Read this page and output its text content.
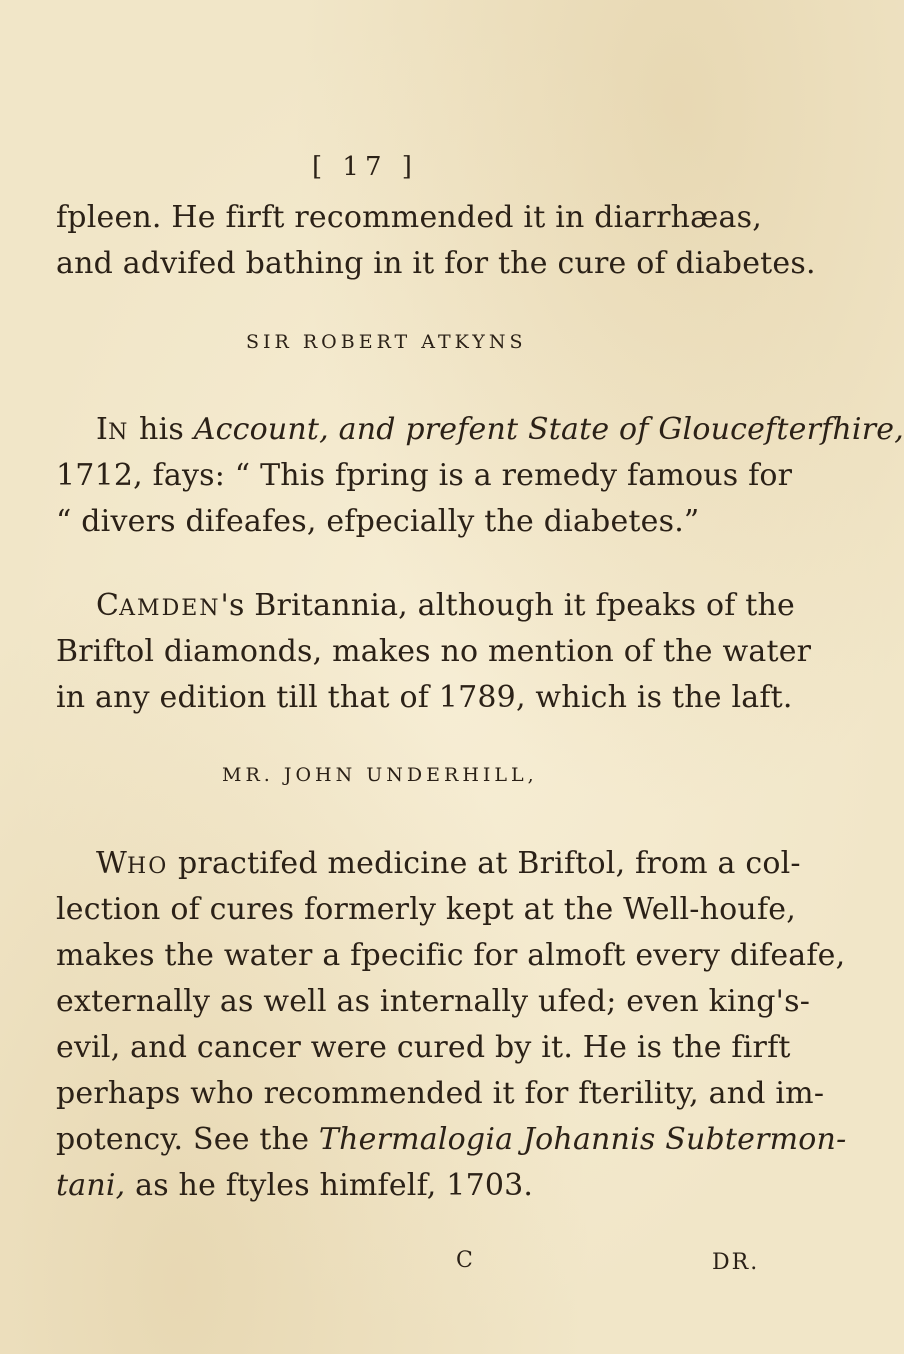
[ 17 ]
fpleen. He firft recommended it in diarrhæas,
and advifed bathing in it for the cure of diabetes.
SIR ROBERT ATKYNS
IN his Account, and prefent State of Gloucefterfhire,
1712, fays: “ This fpring is a remedy famous for
“ divers difeafes, efpecially the diabetes.”
CAMDEN's Britannia, although it fpeaks of the
Briftol diamonds, makes no mention of the water
in any edition till that of 1789, which is the laft.
MR. JOHN UNDERHILL,
WHO practifed medicine at Briftol, from a col-
lection of cures formerly kept at the Well-houfe,
makes the water a fpecific for almoft every difeafe,
externally as well as internally ufed; even king's-
evil, and cancer were cured by it. He is the firft
perhaps who recommended it for fterility, and im-
potency. See the Thermalogia Johannis Subtermon-
tani, as he ftyles himfelf, 1703.
C	DR.
